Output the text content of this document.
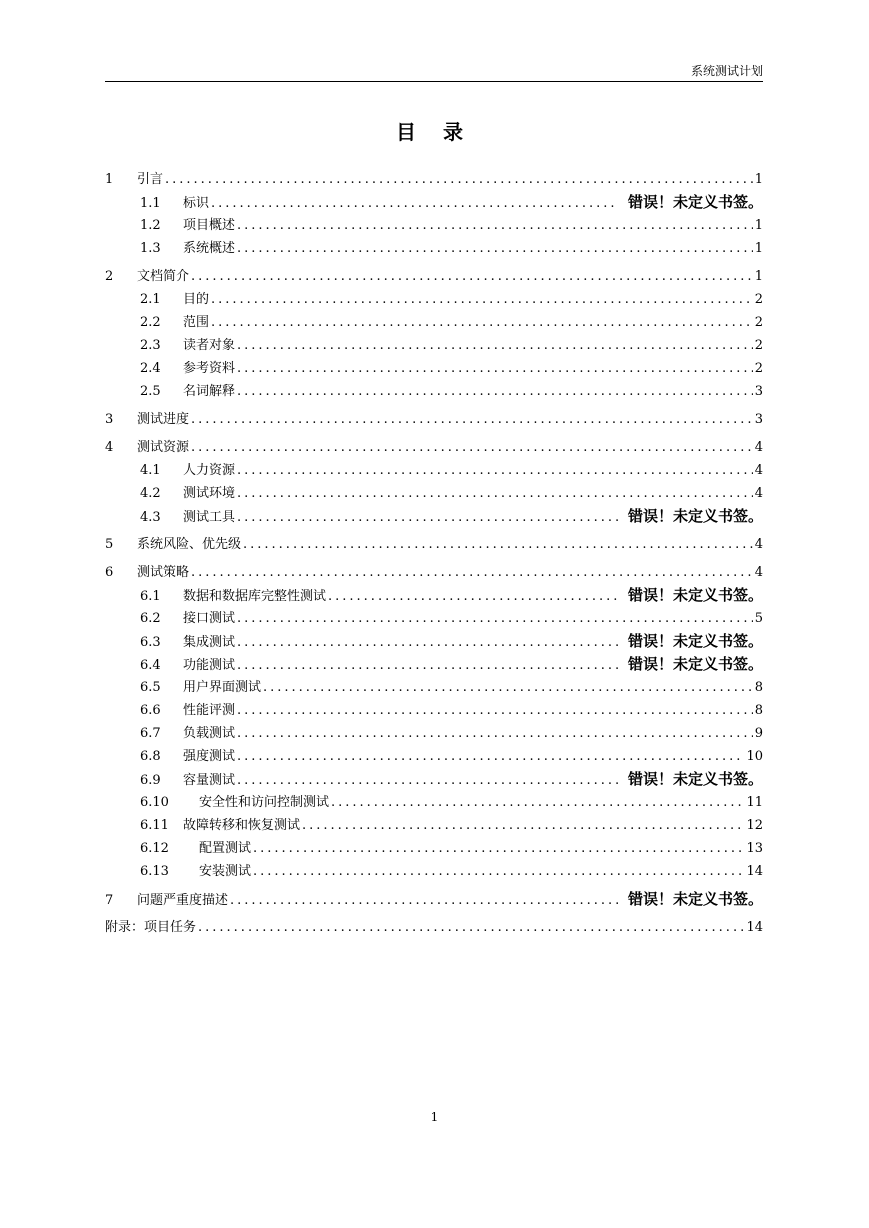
系统测试计划
目 录
1	引言 .....	1
1.1	标识 .....	错误！未定义书签。
1.2	项目概述 .....	1
1.3	系统概述 .....	1
2	文档简介 .....	1
2.1	目的 .....	2
2.2	范围 .....	2
2.3	读者对象 .....	2
2.4	参考资料 .....	2
2.5	名词解释 .....	3
3	测试进度 .....	3
4	测试资源 .....	4
4.1	人力资源 .....	4
4.2	测试环境 .....	4
4.3	测试工具 .....	错误！未定义书签。
5	系统风险、优先级 .....	4
6	测试策略 .....	4
6.1	数据和数据库完整性测试 .....	错误！未定义书签。
6.2	接口测试 .....	5
6.3	集成测试 .....	错误！未定义书签。
6.4	功能测试 .....	错误！未定义书签。
6.5	用户界面测试 .....	8
6.6	性能评测 .....	8
6.7	负载测试 .....	9
6.8	强度测试 .....	10
6.9	容量测试 .....	错误！未定义书签。
6.10	安全性和访问控制测试 .....	11
6.11	故障转移和恢复测试 .....	12
6.12	配置测试 .....	13
6.13	安装测试 .....	14
7	问题严重度描述 .....	错误！未定义书签。
附录：项目任务 .....	14
1
